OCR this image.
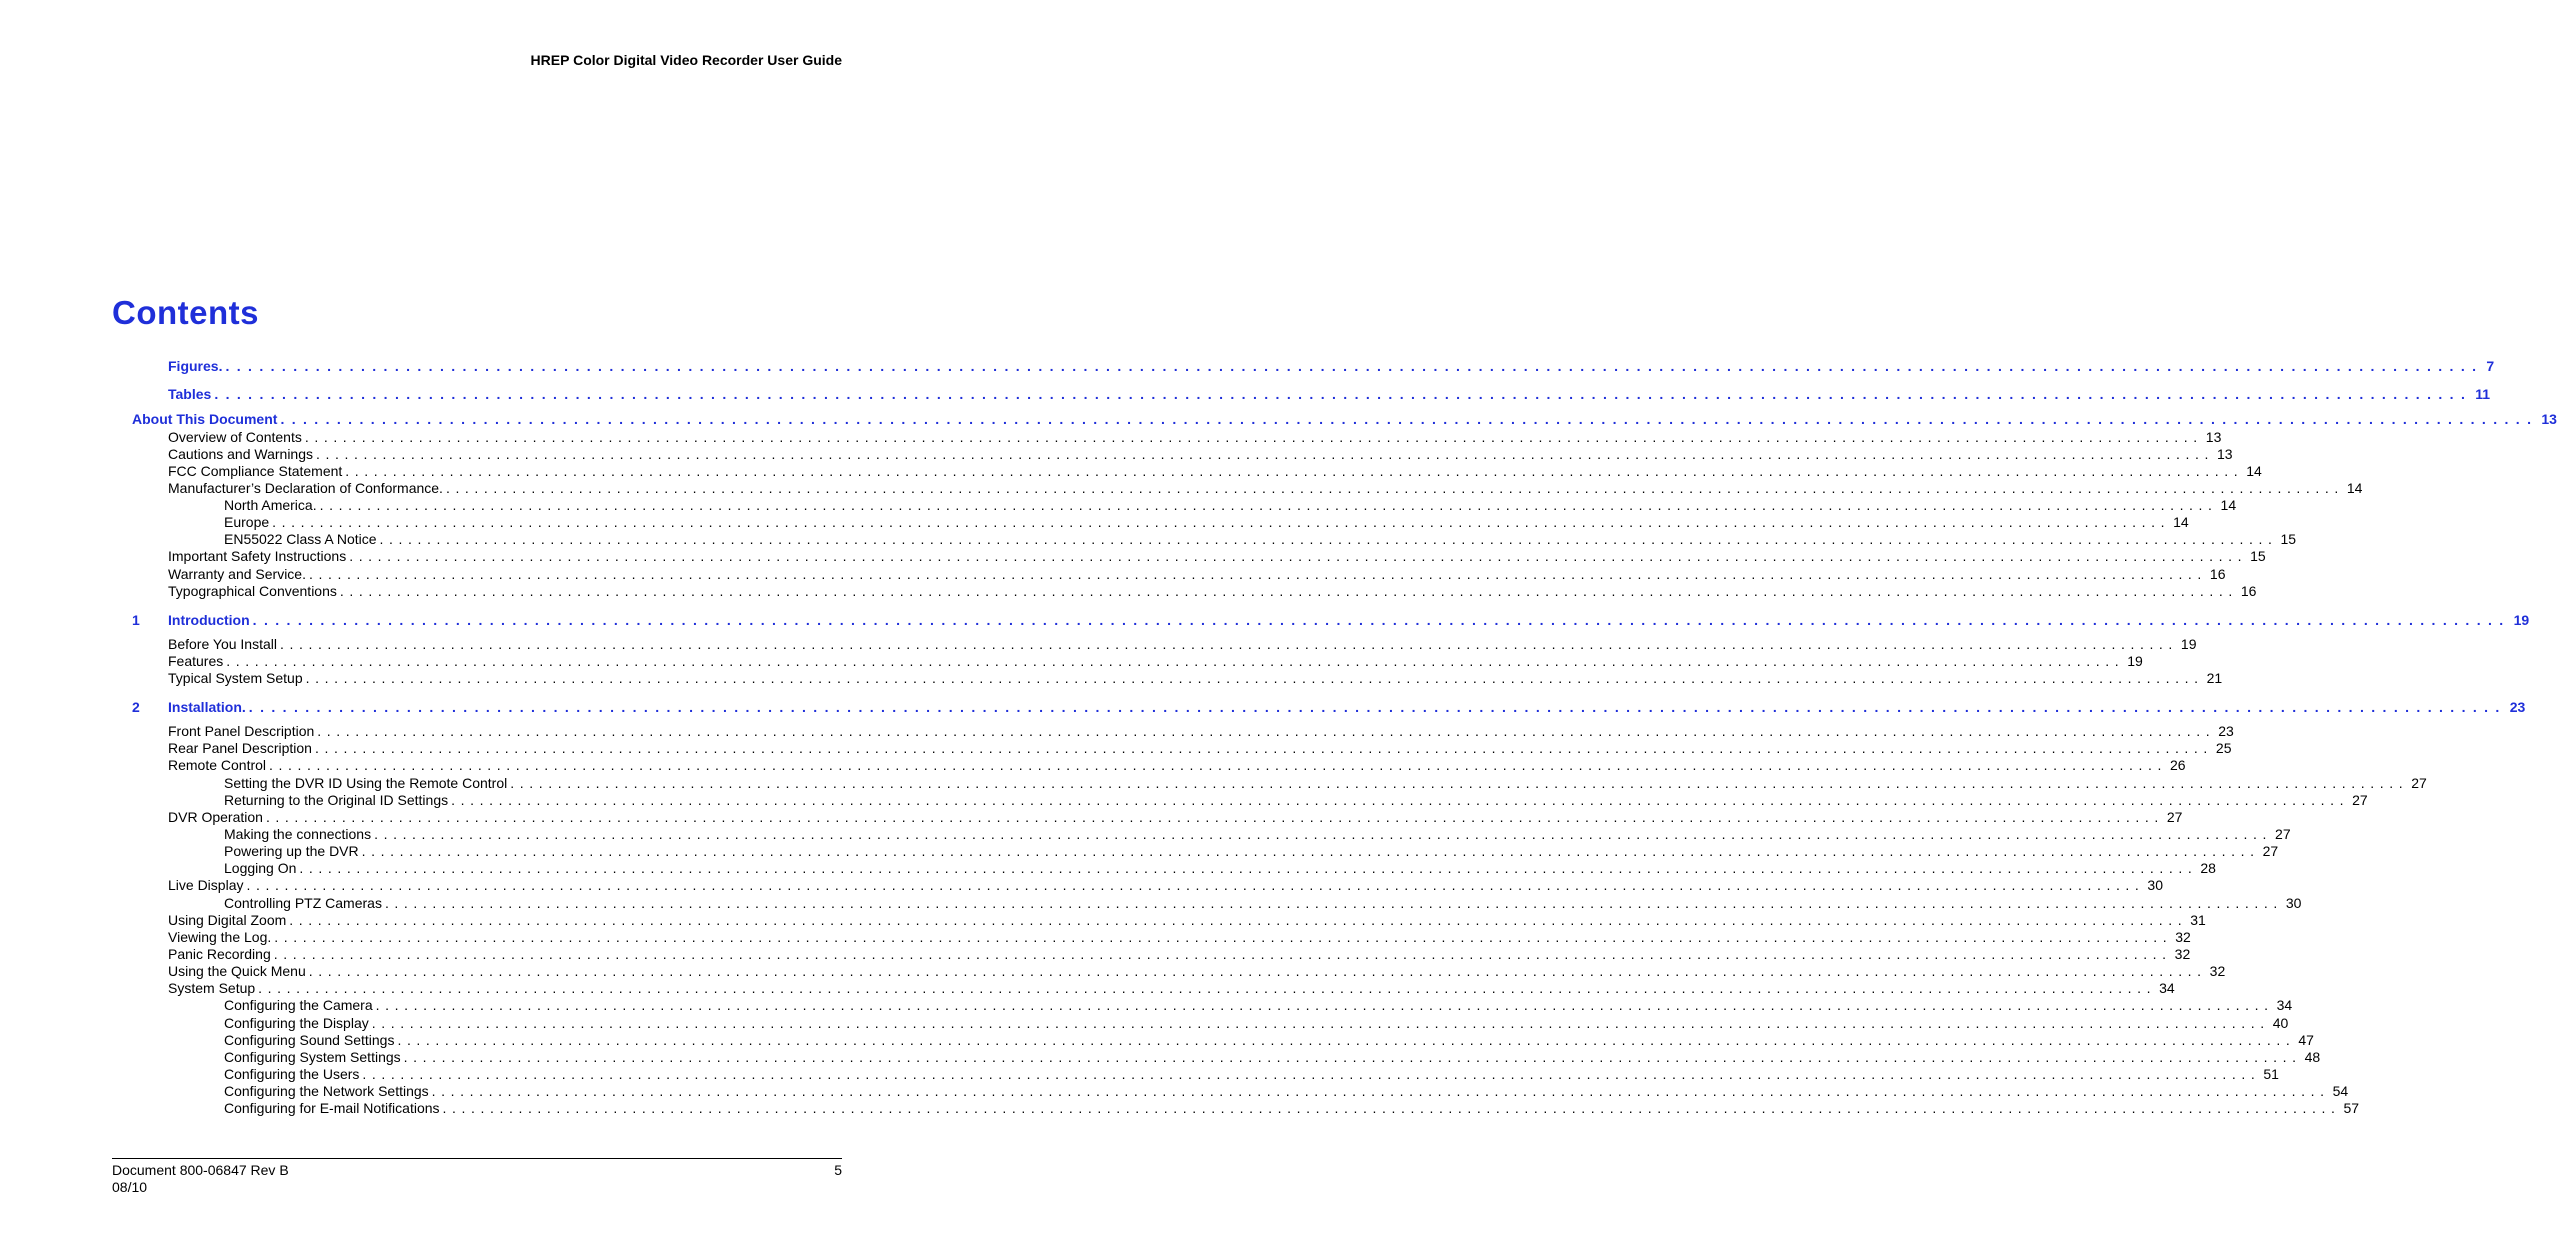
HREP Color Digital Video Recorder User Guide
Contents
Figures. ........................................................................................................................................................................................................ 7
Tables ........................................................................................................................................................................................................ 11
About This Document ........................................................................................................................................................................................................ 13
Overview of Contents ........................................................................................................................................................................................................ 13
Cautions and Warnings ........................................................................................................................................................................................................ 13
FCC Compliance Statement ........................................................................................................................................................................................................ 14
Manufacturer’s Declaration of Conformance. ........................................................................................................................................................................................................ 14
North America. ........................................................................................................................................................................................................ 14
Europe ........................................................................................................................................................................................................ 14
EN55022 Class A Notice ........................................................................................................................................................................................................ 15
Important Safety Instructions ........................................................................................................................................................................................................ 15
Warranty and Service. ........................................................................................................................................................................................................ 16
Typographical Conventions ........................................................................................................................................................................................................ 16
1 Introduction ........................................................................................................................................................................................................ 19
Before You Install ........................................................................................................................................................................................................ 19
Features ........................................................................................................................................................................................................ 19
Typical System Setup ........................................................................................................................................................................................................ 21
2 Installation. ........................................................................................................................................................................................................ 23
Front Panel Description ........................................................................................................................................................................................................ 23
Rear Panel Description ........................................................................................................................................................................................................ 25
Remote Control ........................................................................................................................................................................................................ 26
Setting the DVR ID Using the Remote Control ........................................................................................................................................................................................................ 27
Returning to the Original ID Settings ........................................................................................................................................................................................................ 27
DVR Operation ........................................................................................................................................................................................................ 27
Making the connections ........................................................................................................................................................................................................ 27
Powering up the DVR ........................................................................................................................................................................................................ 27
Logging On ........................................................................................................................................................................................................ 28
Live Display ........................................................................................................................................................................................................ 30
Controlling PTZ Cameras ........................................................................................................................................................................................................ 30
Using Digital Zoom ........................................................................................................................................................................................................ 31
Viewing the Log. ........................................................................................................................................................................................................ 32
Panic Recording ........................................................................................................................................................................................................ 32
Using the Quick Menu ........................................................................................................................................................................................................ 32
System Setup ........................................................................................................................................................................................................ 34
Configuring the Camera ........................................................................................................................................................................................................ 34
Configuring the Display ........................................................................................................................................................................................................ 40
Configuring Sound Settings ........................................................................................................................................................................................................ 47
Configuring System Settings ........................................................................................................................................................................................................ 48
Configuring the Users ........................................................................................................................................................................................................ 51
Configuring the Network Settings ........................................................................................................................................................................................................ 54
Configuring for E-mail Notifications ........................................................................................................................................................................................................ 57
Document 800-06847 Rev B
08/10
5
